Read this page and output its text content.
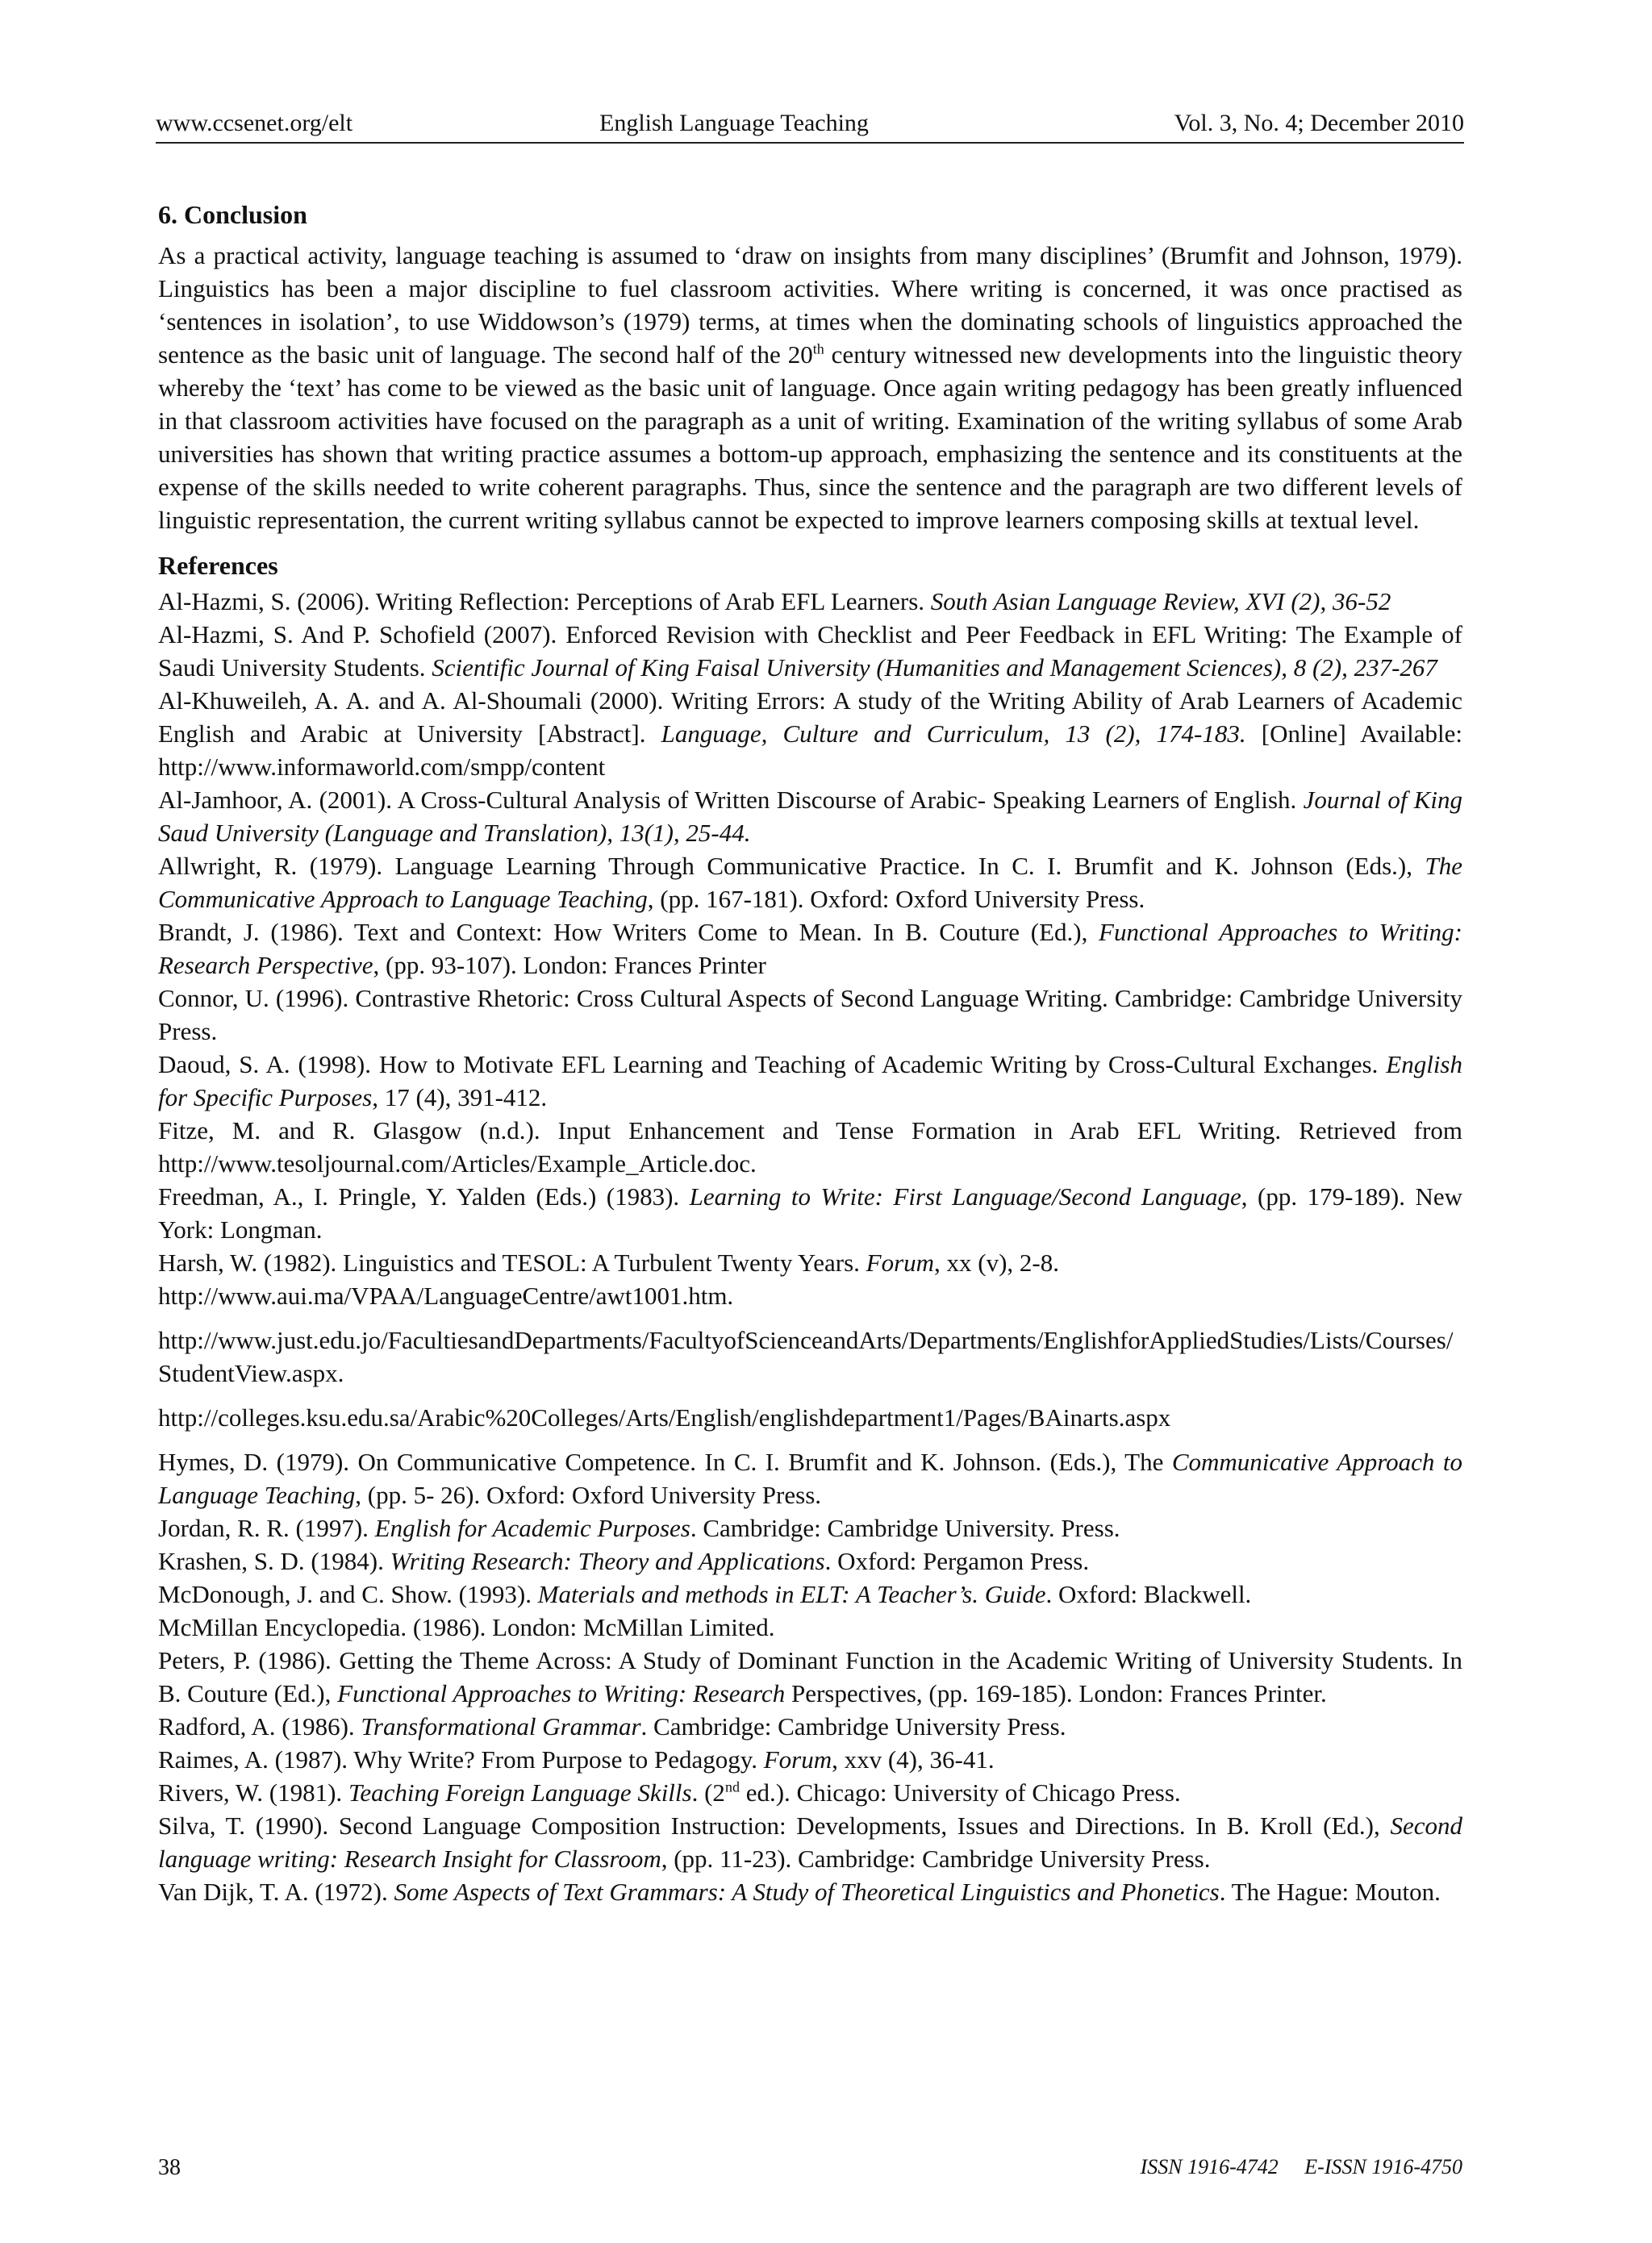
www.ccsenet.org/elt	English Language Teaching	Vol. 3, No. 4; December 2010
6. Conclusion

As a practical activity, language teaching is assumed to ‘draw on insights from many disciplines’ (Brumfit and Johnson, 1979). Linguistics has been a major discipline to fuel classroom activities. Where writing is concerned, it was once practised as ‘sentences in isolation’, to use Widdowson’s (1979) terms, at times when the dominating schools of linguistics approached the sentence as the basic unit of language. The second half of the 20th century witnessed new developments into the linguistic theory whereby the ‘text’ has come to be viewed as the basic unit of language. Once again writing pedagogy has been greatly influenced in that classroom activities have focused on the paragraph as a unit of writing. Examination of the writing syllabus of some Arab universities has shown that writing practice assumes a bottom-up approach, emphasizing the sentence and its constituents at the expense of the skills needed to write coherent paragraphs. Thus, since the sentence and the paragraph are two different levels of linguistic representation, the current writing syllabus cannot be expected to improve learners composing skills at textual level.

References

Al-Hazmi, S. (2006). Writing Reflection: Perceptions of Arab EFL Learners. South Asian Language Review, XVI (2), 36-52

Al-Hazmi, S. And P. Schofield (2007). Enforced Revision with Checklist and Peer Feedback in EFL Writing: The Example of Saudi University Students. Scientific Journal of King Faisal University (Humanities and Management Sciences), 8 (2), 237-267

Al-Khuweileh, A. A. and A. Al-Shoumali (2000). Writing Errors: A study of the Writing Ability of Arab Learners of Academic English and Arabic at University [Abstract]. Language, Culture and Curriculum, 13 (2), 174-183. [Online] Available: http://www.informaworld.com/smpp/content

Al-Jamhoor, A. (2001). A Cross-Cultural Analysis of Written Discourse of Arabic- Speaking Learners of English. Journal of King Saud University (Language and Translation), 13(1), 25-44.

Allwright, R. (1979). Language Learning Through Communicative Practice. In C. I. Brumfit and K. Johnson (Eds.), The Communicative Approach to Language Teaching, (pp. 167-181). Oxford: Oxford University Press.

Brandt, J. (1986). Text and Context: How Writers Come to Mean. In B. Couture (Ed.), Functional Approaches to Writing: Research Perspective, (pp. 93-107). London: Frances Printer

Connor, U. (1996). Contrastive Rhetoric: Cross Cultural Aspects of Second Language Writing. Cambridge: Cambridge University Press.

Daoud, S. A. (1998). How to Motivate EFL Learning and Teaching of Academic Writing by Cross-Cultural Exchanges. English for Specific Purposes, 17 (4), 391-412.

Fitze, M. and R. Glasgow (n.d.). Input Enhancement and Tense Formation in Arab EFL Writing. Retrieved from http://www.tesoljournal.com/Articles/Example_Article.doc.

Freedman, A., I. Pringle, Y. Yalden (Eds.) (1983). Learning to Write: First Language/Second Language, (pp. 179-189). New York: Longman.

Harsh, W. (1982). Linguistics and TESOL: A Turbulent Twenty Years. Forum, xx (v), 2-8.

http://www.aui.ma/VPAA/LanguageCentre/awt1001.htm.

http://www.just.edu.jo/FacultiesandDepartments/FacultyofScienceandArts/Departments/EnglishforAppliedStudies/Lists/Courses/StudentView.aspx.

http://colleges.ksu.edu.sa/Arabic%20Colleges/Arts/English/englishdepartment1/Pages/BAinarts.aspx

Hymes, D. (1979). On Communicative Competence. In C. I. Brumfit and K. Johnson. (Eds.), The Communicative Approach to Language Teaching, (pp. 5- 26). Oxford: Oxford University Press.

Jordan, R. R. (1997). English for Academic Purposes. Cambridge: Cambridge University. Press.

Krashen, S. D. (1984). Writing Research: Theory and Applications. Oxford: Pergamon Press.

McDonough, J. and C. Show. (1993). Materials and methods in ELT: A Teacher’s. Guide. Oxford: Blackwell.

McMillan Encyclopedia. (1986). London: McMillan Limited.

Peters, P. (1986). Getting the Theme Across: A Study of Dominant Function in the Academic Writing of University Students. In B. Couture (Ed.), Functional Approaches to Writing: Research Perspectives, (pp. 169-185). London: Frances Printer.

Radford, A. (1986). Transformational Grammar. Cambridge: Cambridge University Press.

Raimes, A. (1987). Why Write? From Purpose to Pedagogy. Forum, xxv (4), 36-41.

Rivers, W. (1981). Teaching Foreign Language Skills. (2nd ed.). Chicago: University of Chicago Press.

Silva, T. (1990). Second Language Composition Instruction: Developments, Issues and Directions. In B. Kroll (Ed.), Second language writing: Research Insight for Classroom, (pp. 11-23). Cambridge: Cambridge University Press.

Van Dijk, T. A. (1972). Some Aspects of Text Grammars: A Study of Theoretical Linguistics and Phonetics. The Hague: Mouton.

38	ISSN 1916-4742     E-ISSN 1916-4750
